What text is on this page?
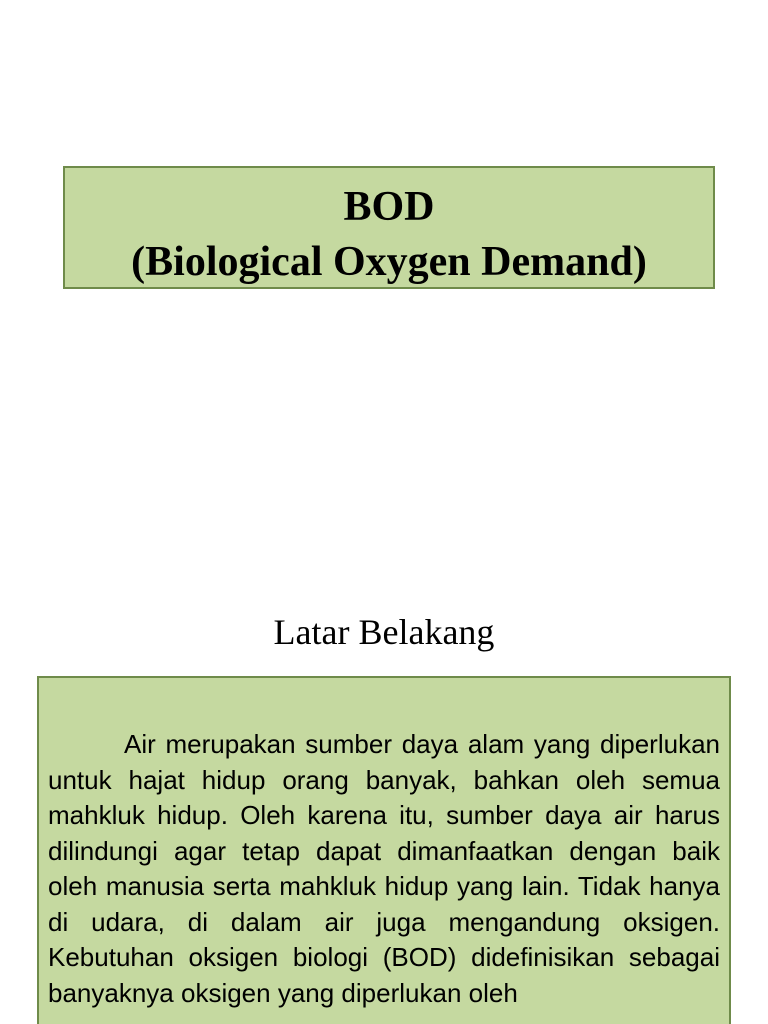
BOD
(Biological Oxygen Demand)
Latar Belakang

Air merupakan sumber daya alam yang diperlukan untuk hajat hidup orang banyak, bahkan oleh semua mahkluk hidup. Oleh karena itu, sumber daya air harus dilindungi agar tetap dapat dimanfaatkan dengan baik oleh manusia serta mahkluk hidup yang lain. Tidak hanya di udara, di dalam air juga mengandung oksigen. Kebutuhan oksigen biologi (BOD) didefinisikan sebagai banyaknya oksigen yang diperlukan oleh
